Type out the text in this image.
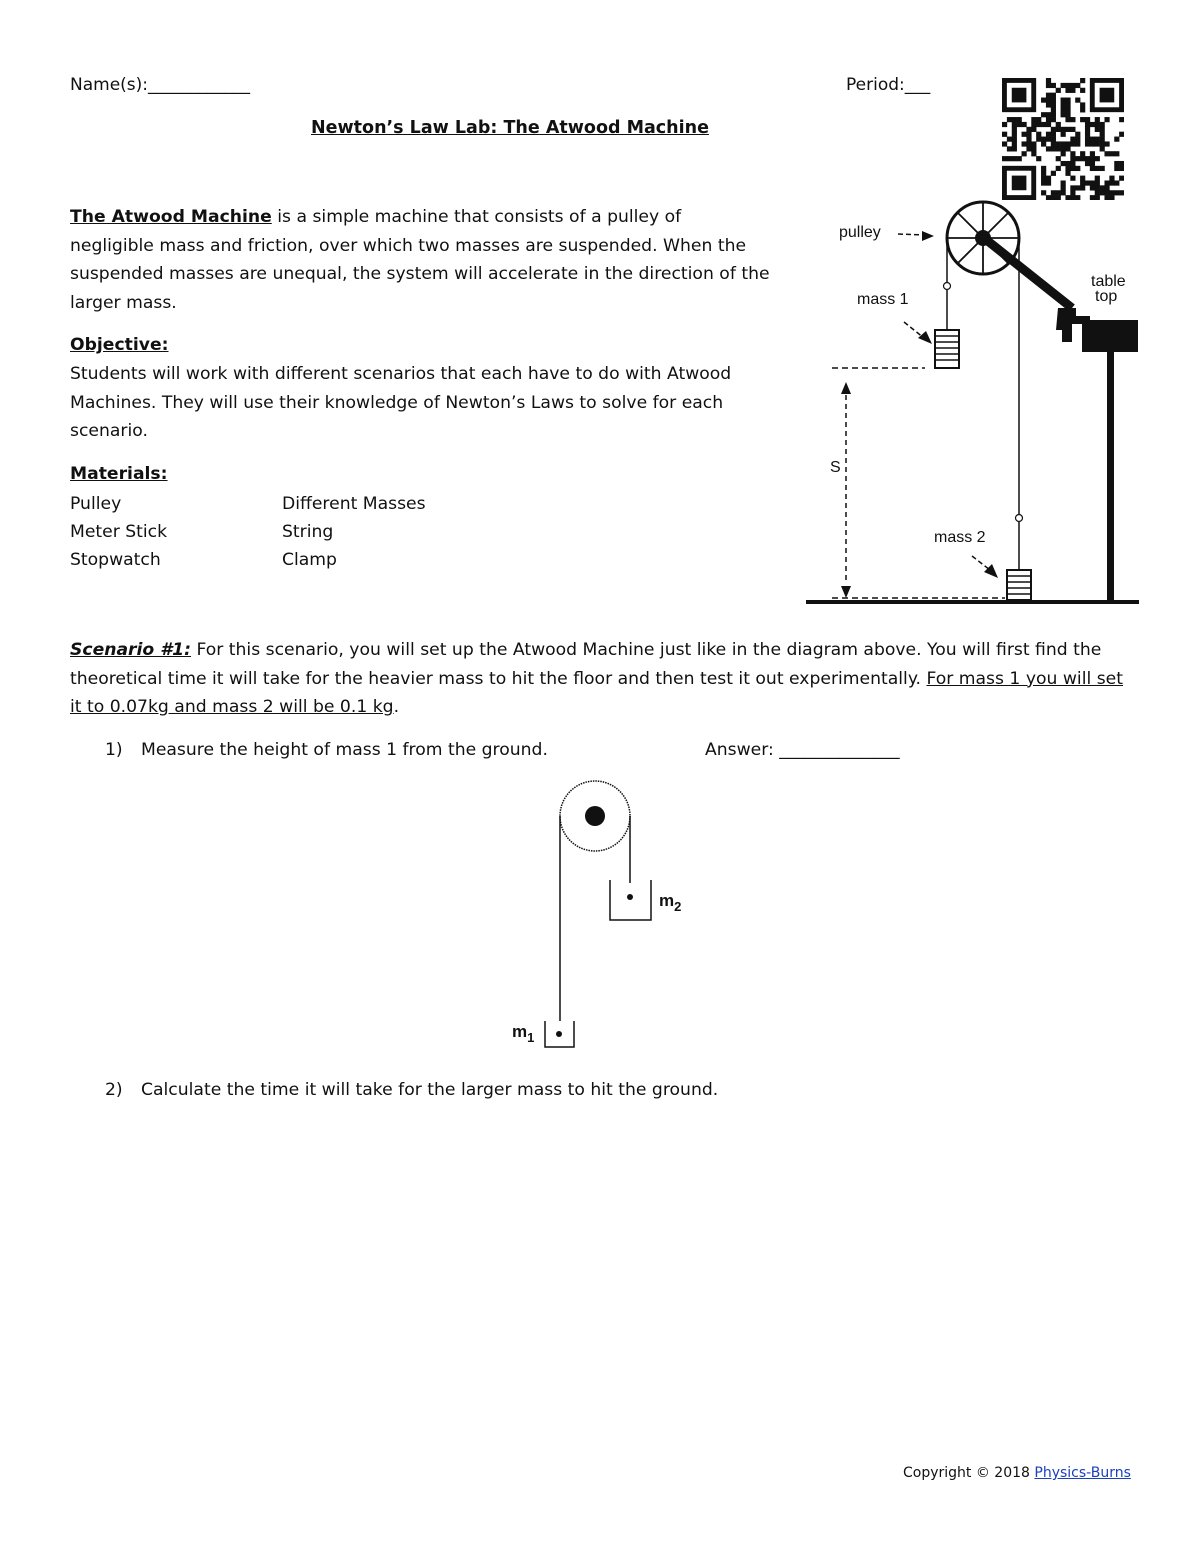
Name(s):____________	Period:___
Newton’s Law Lab: The Atwood Machine
The Atwood Machine is a simple machine that consists of a pulley of negligible mass and friction, over which two masses are suspended. When the suspended masses are unequal, the system will accelerate in the direction of the larger mass.
Objective:
Students will work with different scenarios that each have to do with Atwood Machines. They will use their knowledge of Newton’s Laws to solve for each scenario.
Materials:
Pulley
Meter Stick
Stopwatch
Different Masses
String
Clamp
pulley
mass 1
mass 2
table
top
S
Scenario #1: For this scenario, you will set up the Atwood Machine just like in the diagram above. You will first find the theoretical time it will take for the heavier mass to hit the floor and then test it out experimentally. For mass 1 you will set it to 0.07kg and mass 2 will be 0.1 kg.
1) Measure the height of mass 1 from the ground.	Answer: ______________
$m_2$
$m_1$
2) Calculate the time it will take for the larger mass to hit the ground.
Copyright © 2018 Physics-Burns
